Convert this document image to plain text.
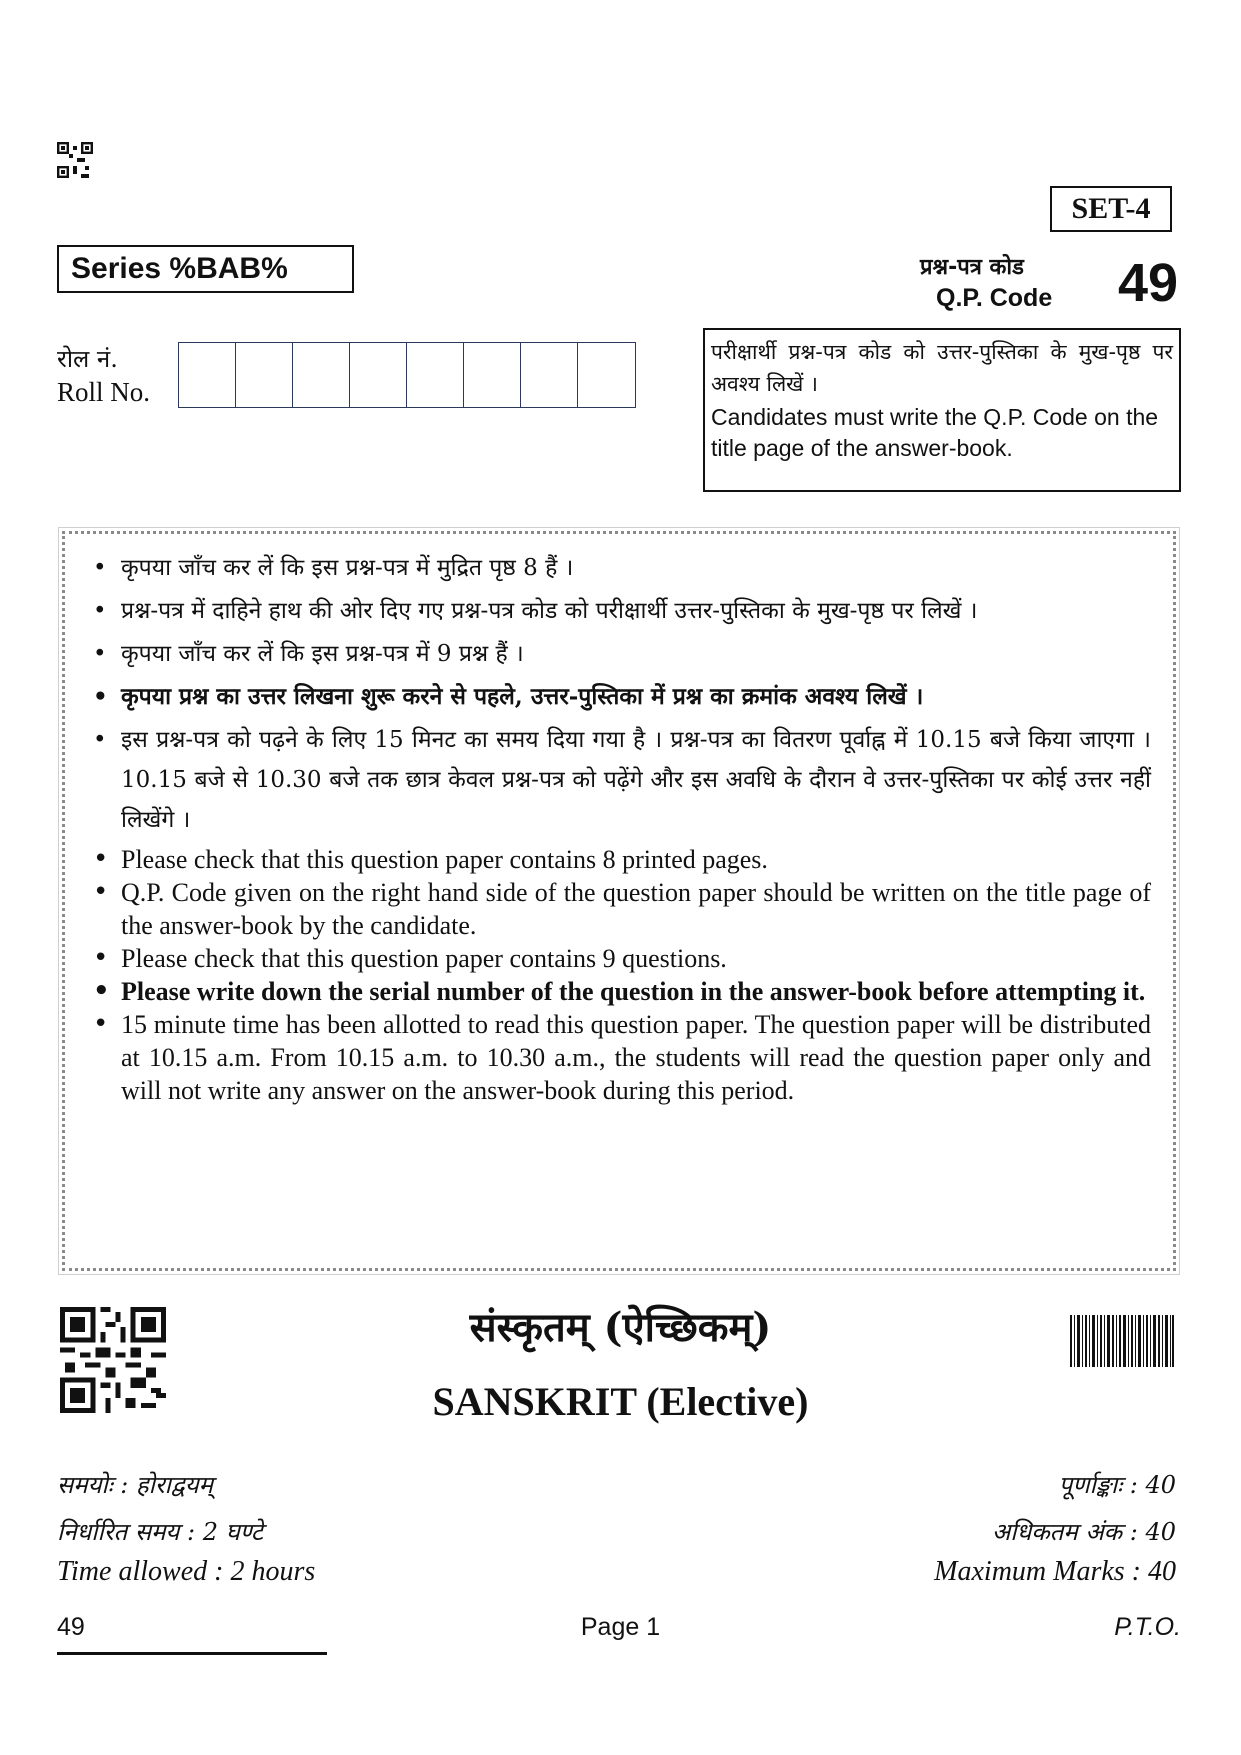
SET-4
Series %BAB%	प्रश्न-पत्र कोड
Q.P. Code 49
रोल नं.
Roll No.
परीक्षार्थी प्रश्न-पत्र कोड को उत्तर-पुस्तिका के मुख-पृष्ठ पर अवश्य लिखें ।
Candidates must write the Q.P. Code on the title page of the answer-book.
• कृपया जाँच कर लें कि इस प्रश्न-पत्र में मुद्रित पृष्ठ 8 हैं ।
• प्रश्न-पत्र में दाहिने हाथ की ओर दिए गए प्रश्न-पत्र कोड को परीक्षार्थी उत्तर-पुस्तिका के मुख-पृष्ठ पर लिखें ।
• कृपया जाँच कर लें कि इस प्रश्न-पत्र में 9 प्रश्न हैं ।
• कृपया प्रश्न का उत्तर लिखना शुरू करने से पहले, उत्तर-पुस्तिका में प्रश्न का क्रमांक अवश्य लिखें ।
• इस प्रश्न-पत्र को पढ़ने के लिए 15 मिनट का समय दिया गया है । प्रश्न-पत्र का वितरण पूर्वाह्न में 10.15 बजे किया जाएगा । 10.15 बजे से 10.30 बजे तक छात्र केवल प्रश्न-पत्र को पढ़ेंगे और इस अवधि के दौरान वे उत्तर-पुस्तिका पर कोई उत्तर नहीं लिखेंगे ।
• Please check that this question paper contains 8 printed pages.
• Q.P. Code given on the right hand side of the question paper should be written on the title page of the answer-book by the candidate.
• Please check that this question paper contains 9 questions.
• Please write down the serial number of the question in the answer-book before attempting it.
• 15 minute time has been allotted to read this question paper. The question paper will be distributed at 10.15 a.m. From 10.15 a.m. to 10.30 a.m., the students will read the question paper only and will not write any answer on the answer-book during this period.
संस्कृतम् (ऐच्छिकम्)
SANSKRIT (Elective)
समयोः : होराद्वयम्
निर्धारित समय : 2 घण्टे
Time allowed : 2 hours
पूर्णाङ्काः : 40
अधिकतम अंक : 40
Maximum Marks : 40
49	Page 1	P.T.O.
